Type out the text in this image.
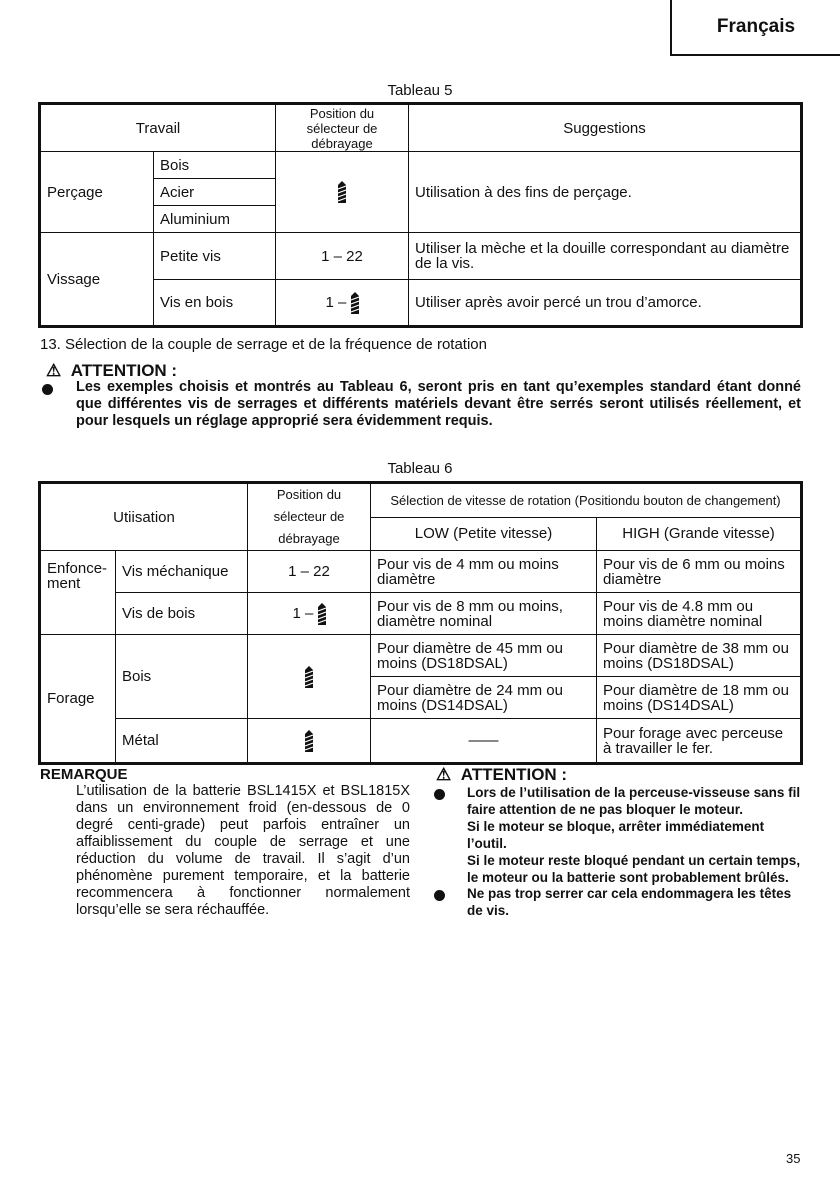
Français
Tableau 5
Travail		Position du sélecteur de débrayage	Suggestions
Perçage	Bois		Utilisation à des fins de perçage.
	Acier		
	Aluminium		
Vissage	Petite vis	1 – 22	Utiliser la mèche et la douille correspondant au diamètre de la vis.
	Vis en bois	1 –	Utiliser après avoir percé un trou d’amorce.
13. Sélection de la couple de serrage et de la fréquence de rotation
⚠ ATTENTION :
Les exemples choisis et montrés au Tableau 6, seront pris en tant qu’exemples standard étant donné que différentes vis de serrages et différents matériels devant être serrés seront utilisés réellement, et pour lesquels un réglage approprié sera évidemment requis.
Tableau 6
Utiisation		Position du sélecteur de débrayage	Sélection de vitesse de rotation (Positiondu bouton de changement)	
			LOW (Petite vitesse)	HIGH (Grande vitesse)
Enfonce-ment	Vis méchanique	1 – 22	Pour vis de 4 mm ou moins diamètre	Pour vis de 6 mm ou moins diamètre
	Vis de bois	1 –	Pour vis de 8 mm ou moins, diamètre nominal	Pour vis de 4.8 mm ou moins diamètre nominal
Forage	Bois		Pour diamètre de 45 mm ou moins (DS18DSAL)	Pour diamètre de 38 mm ou moins (DS18DSAL)
			Pour diamètre de 24 mm ou moins (DS14DSAL)	Pour diamètre de 18 mm ou moins (DS14DSAL)
	Métal		——	Pour forage avec perceuse à travailler le fer.
REMARQUE
L’utilisation de la batterie BSL1415X et BSL1815X dans un environnement froid (en-dessous de 0 degré centi-grade) peut parfois entraîner un affaiblissement du couple de serrage et une réduction du volume de travail. Il s’agit d’un phénomène purement temporaire, et la batterie recommencera à fonctionner normalement lorsqu’elle se sera réchauffée.
⚠ ATTENTION :
Lors de l’utilisation de la perceuse-visseuse sans fil faire attention de ne pas bloquer le moteur.
Si le moteur se bloque, arrêter immédiatement l’outil.
Si le moteur reste bloqué pendant un certain temps, le moteur ou la batterie sont probablement brûlés.
Ne pas trop serrer car cela endommagera les têtes de vis.
35
